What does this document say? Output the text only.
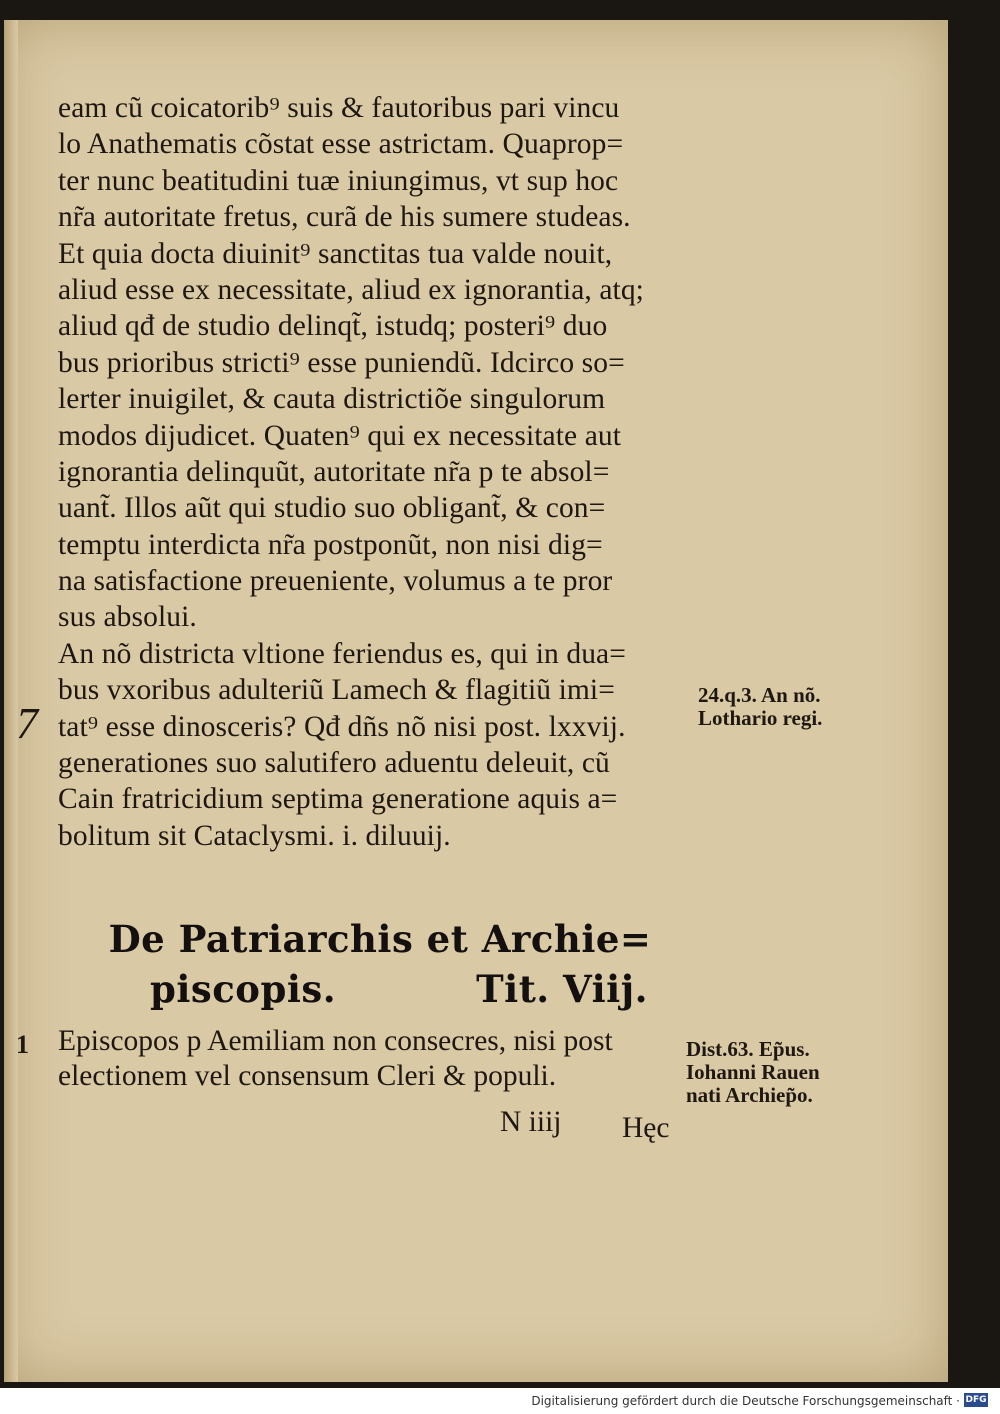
eam cũ coicatorib⁹ suis & fautoribus pari vincu
lo Anathematis cõstat esse astrictam. Quaprop=
ter nunc beatitudini tuæ iniungimus, vt sup hoc
nr̃a autoritate fretus, curã de his sumere studeas.
Et quia docta diuinit⁹ sanctitas tua valde nouit,
aliud esse ex necessitate, aliud ex ignorantia, atq;
aliud qđ de studio delinqt̃, istudq; posteri⁹ duo
bus prioribus stricti⁹ esse puniendũ. Idcirco so=
lerter inuigilet, & cauta districtiõe singulorum
modos dijudicet. Quaten⁹ qui ex necessitate aut
ignorantia delinquũt, autoritate nr̃a p te absol=
uant̃. Illos aũt qui studio suo obligant̃, & con=
temptu interdicta nr̃a postponũt, non nisi dig=
na satisfactione preueniente, volumus a te pror
sus absolui.
An nõ districta vltione feriendus es, qui in dua=
bus vxoribus adulteriũ Lamech & flagitiũ imi=
tat⁹ esse dinosceris? Qđ dñs nõ nisi post. lxxvij.
generationes suo salutifero aduentu deleuit, cũ
Cain fratricidium septima generatione aquis a=
bolitum sit Cataclysmi. i. diluuij.
7
24.q.3. An nõ.
Lothario regi.
De Patriarchis et Archie=
piscopis.	Tit. Viij.
1 Episcopos p Aemiliam non consecres, nisi post
electionem vel consensum Cleri & populi.
Dist.63. Ep̃us.
Iohanni Rauen
nati Archiep̃o.
N iiij Hęc
Digitalisierung gefördert durch die Deutsche Forschungsgemeinschaft · DFG
